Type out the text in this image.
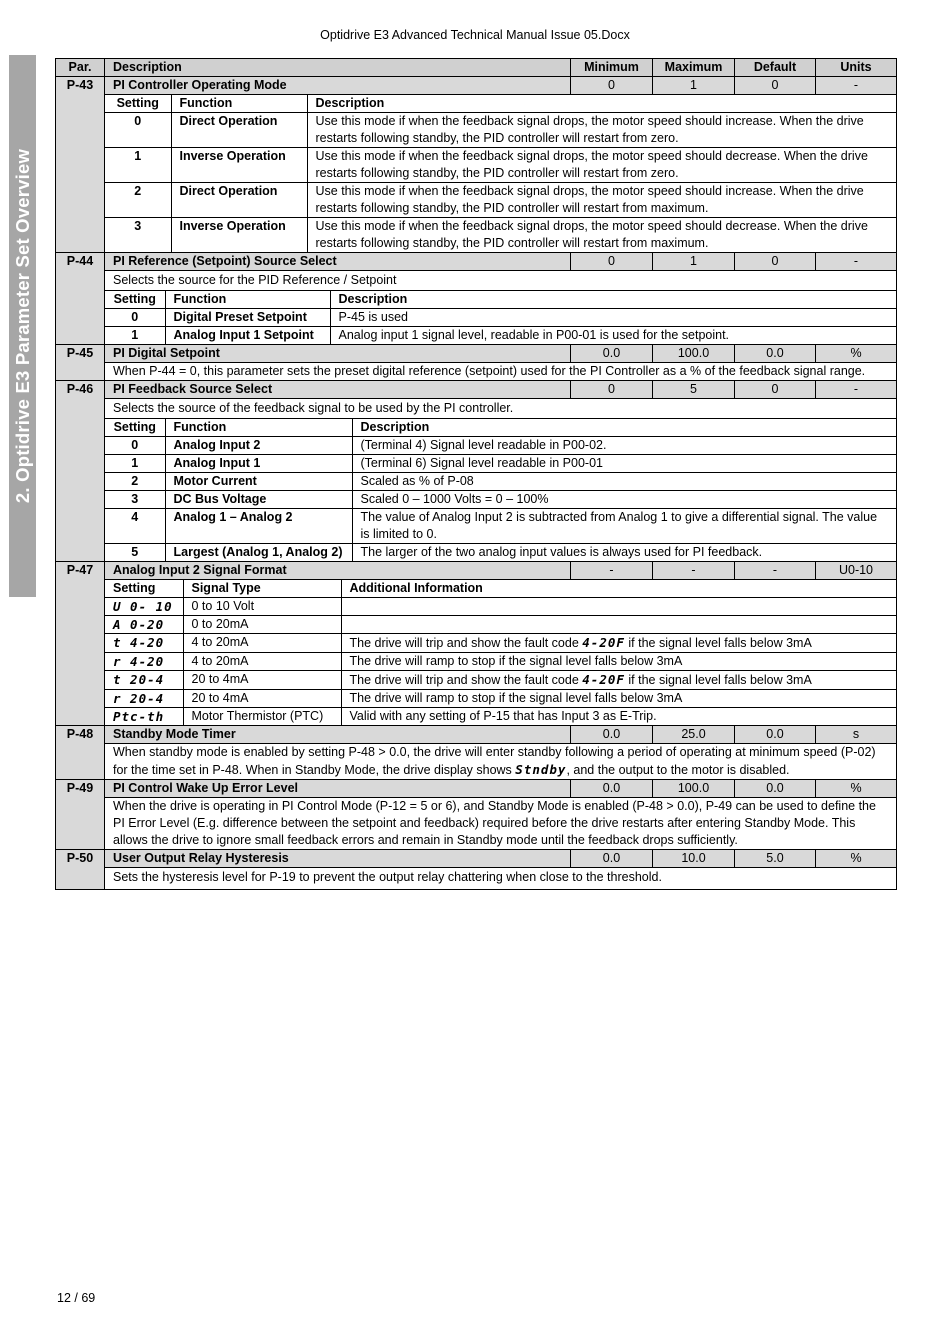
Optidrive E3 Advanced Technical Manual Issue 05.Docx
2. Optidrive E3 Parameter Set Overview
Par.	Description	Minimum	Maximum	Default	Units
P-43	PI Controller Operating Mode	0	1	0	-

Setting	Function	Description
0	Direct Operation	Use this mode if when the feedback signal drops, the motor speed should increase. When the drive restarts following standby, the PID controller will restart from zero.
1	Inverse Operation	Use this mode if when the feedback signal drops, the motor speed should decrease. When the drive restarts following standby, the PID controller will restart from zero.
2	Direct Operation	Use this mode if when the feedback signal drops, the motor speed should increase. When the drive restarts following standby, the PID controller will restart from maximum.
3	Inverse Operation	Use this mode if when the feedback signal drops, the motor speed should decrease. When the drive restarts following standby, the PID controller will restart from maximum.

P-44	PI Reference (Setpoint) Source Select	0	1	0	-

Selects the source for the PID Reference / Setpoint
Setting	Function	Description
0	Digital Preset Setpoint	P-45 is used
1	Analog Input 1 Setpoint	Analog input 1 signal level, readable in P00-01 is used for the setpoint.

P-45	PI Digital Setpoint	0.0	100.0	0.0	%
When P-44 = 0, this parameter sets the preset digital reference (setpoint) used for the PI Controller as a % of the feedback signal range.
P-46	PI Feedback Source Select	0	5	0	-

Selects the source of the feedback signal to be used by the PI controller.
Setting	Function	Description
0	Analog Input 2	(Terminal 4) Signal level readable in P00-02.
1	Analog Input 1	(Terminal 6) Signal level readable in P00-01
2	Motor Current	Scaled as % of P-08
3	DC Bus Voltage	Scaled 0 – 1000 Volts = 0 – 100%
4	Analog 1 – Analog 2	The value of Analog Input 2 is subtracted from Analog 1 to give a differential signal. The value is limited to 0.
5	Largest (Analog 1, Analog 2)	The larger of the two analog input values is always used for PI feedback.

P-47	Analog Input 2 Signal Format	-	-	-	U0-10

Setting	Signal Type	Additional Information
U 0- 10	0 to 10 Volt	
A 0-20	0 to 20mA	
t 4-20	4 to 20mA	The drive will trip and show the fault code 4-20F if the signal level falls below 3mA
r 4-20	4 to 20mA	The drive will ramp to stop if the signal level falls below 3mA
t 20-4	20 to 4mA	The drive will trip and show the fault code 4-20F if the signal level falls below 3mA
r 20-4	20 to 4mA	The drive will ramp to stop if the signal level falls below 3mA
Ptc-th	Motor Thermistor (PTC)	Valid with any setting of P-15 that has Input 3 as E-Trip.

P-48	Standby Mode Timer	0.0	25.0	0.0	s
When standby mode is enabled by setting P-48 > 0.0, the drive will enter standby following a period of operating at minimum speed (P-02) for the time set in P-48. When in Standby Mode, the drive display shows Stndby, and the output to the motor is disabled.
P-49	PI Control Wake Up Error Level	0.0	100.0	0.0	%
When the drive is operating in PI Control Mode (P-12 = 5 or 6), and Standby Mode is enabled (P-48 > 0.0), P-49 can be used to define the PI Error Level (E.g. difference between the setpoint and feedback) required before the drive restarts after entering Standby Mode. This allows the drive to ignore small feedback errors and remain in Standby mode until the feedback drops sufficiently.
P-50	User Output Relay Hysteresis	0.0	10.0	5.0	%
Sets the hysteresis level for P-19 to prevent the output relay chattering when close to the threshold.
12 / 69
